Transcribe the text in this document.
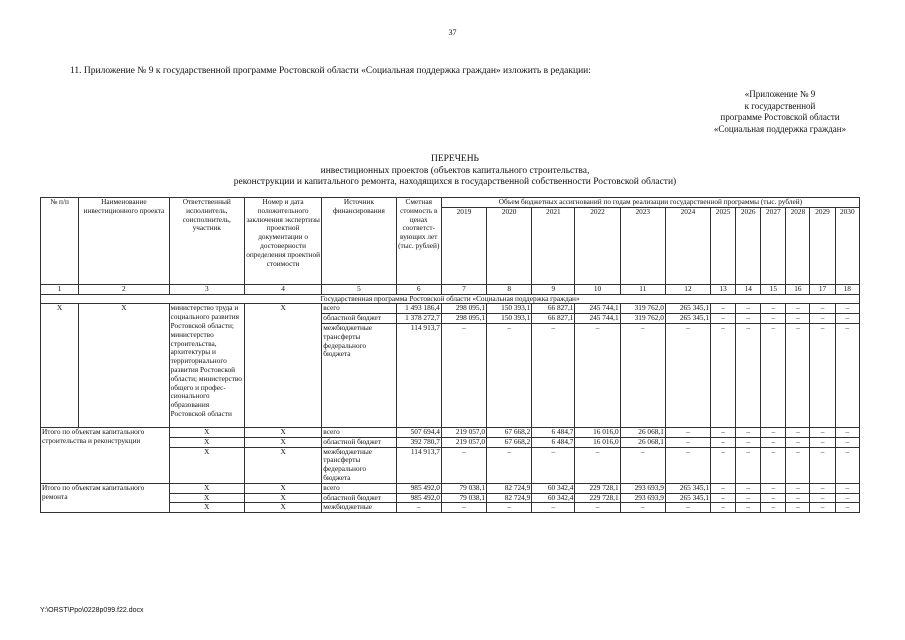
37
11. Приложение № 9 к государственной программе Ростовской области «Социальная поддержка граждан» изложить в редакции:
«Приложение № 9
к государственной
программе Ростовской области
«Социальная поддержка граждан»
ПЕРЕЧЕНЬ
инвестиционных проектов (объектов капитального строительства,
реконструкции и капитального ремонта, находящихся в государственной собственности Ростовской области)
№ п/п	Наименование инвестиционного проекта	Ответственный исполнитель, соисполнитель, участник	Номер и дата положительного заключения экспертизы проектной документации о достоверности определения проектной стоимости	Источник финансирования	Сметная стоимость в ценах соответст- вующих лет (тыс. рублей)	Объем бюджетных ассигнований по годам реализации государственной программы (тыс. рублей)											
						2019	2020	2021	2022	2023	2024	2025	2026	2027	2028	2029	2030
1	2	3	4	5	6	7	8	9	10	11	12	13	14	15	16	17	18
Государственная программа Ростовской области «Социальная поддержка граждан»																	
X	X	министерство труда и социального развития Ростовской области; министерство строительства, архитектуры и территориального развития Ростовской области; министерство общего и профес- сионального образования Ростовской области	X	всего	1 493 186,4	298 095,1	150 393,1	66 827,1	245 744,1	319 762,0	265 345,1	–	–	–	–	–	–
				областной бюджет	1 378 272,7	298 095,1	150 393,1	66 827,1	245 744,1	319 762,0	265 345,1	–	–	–	–	–	–
				межбюджетные трансферты федерального бюджета	114 913,7	–	–	–	–	–	–	–	–	–	–	–	–
Итого по объектам капитального строительства и реконструкции		X	X	всего	507 694,4	219 057,0	67 668,2	6 484,7	16 016,0	26 068,1	–	–	–	–	–	–	–
		X	X	областной бюджет	392 780,7	219 057,0	67 668,2	6 484,7	16 016,0	26 068,1	–	–	–	–	–	–	–
		X	X	межбюджетные трансферты федерального бюджета	114 913,7	–	–	–	–	–	–	–	–	–	–	–	–
Итого по объектам капитального ремонта		X	X	всего	985 492,0	79 038,1	82 724,9	60 342,4	229 728,1	293 693,9	265 345,1	–	–	–	–	–	–
		X	X	областной бюджет	985 492,0	79 038,1	82 724,9	60 342,4	229 728,1	293 693,9	265 345,1	–	–	–	–	–	–
		X	X	межбюджетные	–	–	–	–	–	–	–	–	–	–	–	–	–
Y:\ORST\Ppo\0228p099.f22.docx
